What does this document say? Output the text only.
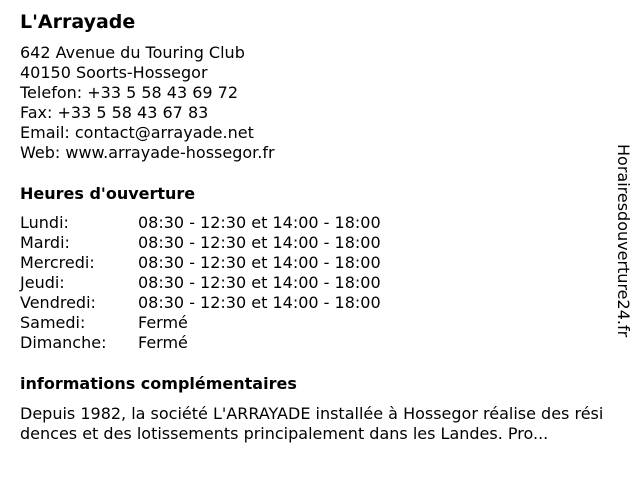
L'Arrayade
642 Avenue du Touring Club
40150 Soorts-Hossegor
Telefon: +33 5 58 43 69 72
Fax: +33 5 58 43 67 83
Email: contact@arrayade.net
Web: www.arrayade-hossegor.fr
Heures d'ouverture
Lundi:	08:30 - 12:30 et 14:00 - 18:00
Mardi:	08:30 - 12:30 et 14:00 - 18:00
Mercredi:	08:30 - 12:30 et 14:00 - 18:00
Jeudi:	08:30 - 12:30 et 14:00 - 18:00
Vendredi:	08:30 - 12:30 et 14:00 - 18:00
Samedi:	Fermé
Dimanche:	Fermé
informations complémentaires
Depuis 1982, la société L'ARRAYADE installée à Hossegor réalise des résidences et des lotissements principalement dans les Landes. Pro...
Horairesdouverture24.fr
